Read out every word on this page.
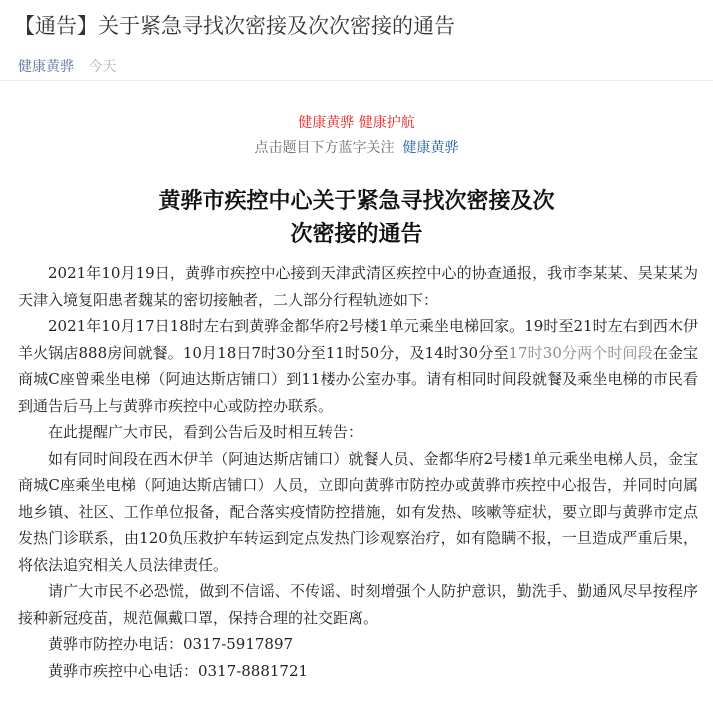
【通告】关于紧急寻找次密接及次次密接的通告
健康黄骅 今天
健康黄骅 健康护航
点击题目下方蓝字关注 健康黄骅
黄骅市疾控中心关于紧急寻找次密接及次
次密接的通告

2021年10月19日，黄骅市疾控中心接到天津武清区疾控中心的协查通报，我市李某某、吴某某为天津入境复阳患者魏某的密切接触者，二人部分行程轨迹如下：

2021年10月17日18时左右到黄骅金都华府2号楼1单元乘坐电梯回家。19时至21时左右到西木伊羊火锅店888房间就餐。10月18日7时30分至11时50分，及14时30分至17时30分两个时间段在金宝商城C座曾乘坐电梯（阿迪达斯店铺口）到11楼办公室办事。请有相同时间段就餐及乘坐电梯的市民看到通告后马上与黄骅市疾控中心或防控办联系。

在此提醒广大市民，看到公告后及时相互转告：

如有同时间段在西木伊羊（阿迪达斯店铺口）就餐人员、金都华府2号楼1单元乘坐电梯人员，金宝商城C座乘坐电梯（阿迪达斯店铺口）人员，立即向黄骅市防控办或黄骅市疾控中心报告，并同时向属地乡镇、社区、工作单位报备，配合落实疫情防控措施，如有发热、咳嗽等症状，要立即与黄骅市定点发热门诊联系，由120负压救护车转运到定点发热门诊观察治疗，如有隐瞒不报，一旦造成严重后果，将依法追究相关人员法律责任。

请广大市民不必恐慌，做到不信谣、不传谣、时刻增强个人防护意识，勤洗手、勤通风尽早按程序接种新冠疫苗，规范佩戴口罩，保持合理的社交距离。

黄骅市防控办电话：0317-5917897

黄骅市疾控中心电话：0317-8881721
